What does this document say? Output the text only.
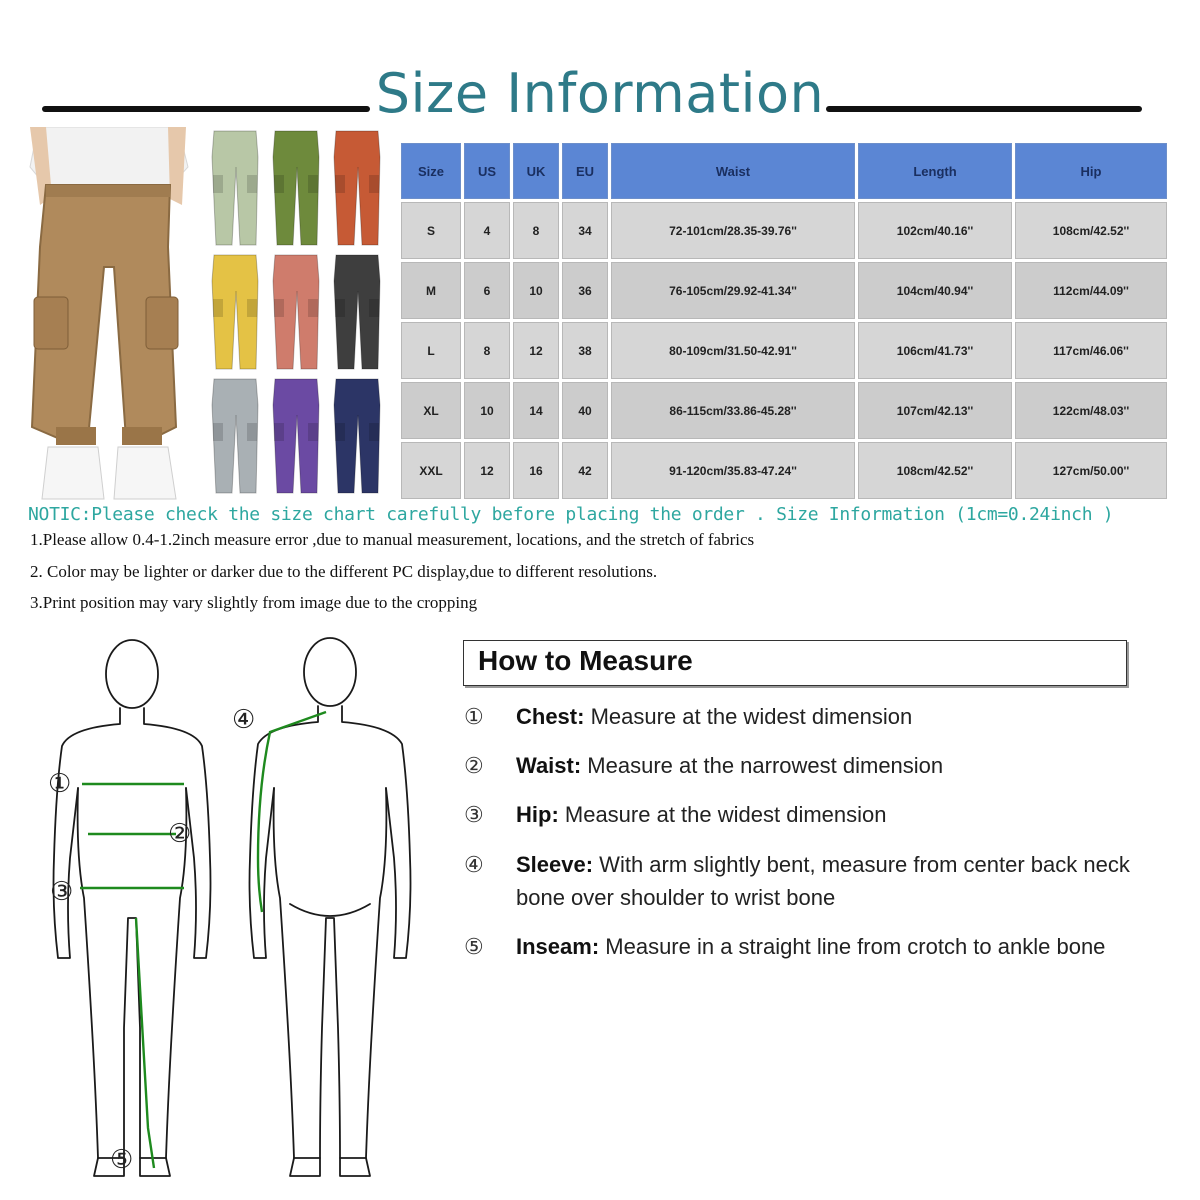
Size Information
Size	US	UK	EU	Waist	Length	Hip
S	4	8	34	72-101cm/28.35-39.76''	102cm/40.16''	108cm/42.52''
M	6	10	36	76-105cm/29.92-41.34''	104cm/40.94''	112cm/44.09''
L	8	12	38	80-109cm/31.50-42.91''	106cm/41.73''	117cm/46.06''
XL	10	14	40	86-115cm/33.86-45.28''	107cm/42.13''	122cm/48.03''
XXL	12	16	42	91-120cm/35.83-47.24''	108cm/42.52''	127cm/50.00''
NOTIC:Please check the size chart carefully before placing the order . Size Information (1cm=0.24inch )
1.Please allow 0.4-1.2inch measure error ,due to manual measurement, locations, and the stretch of fabrics
2. Color may be lighter or darker due to the different PC display,due to different resolutions.
3.Print position may vary slightly from image due to the cropping
①
②
③
④
⑤
How to Measure
①	Chest: Measure at the widest dimension
②	Waist: Measure at the narrowest dimension
③	Hip: Measure at the widest dimension
④	Sleeve: With arm slightly bent, measure from center back neck bone over shoulder to wrist bone
⑤	Inseam: Measure in a straight line from crotch to ankle bone
